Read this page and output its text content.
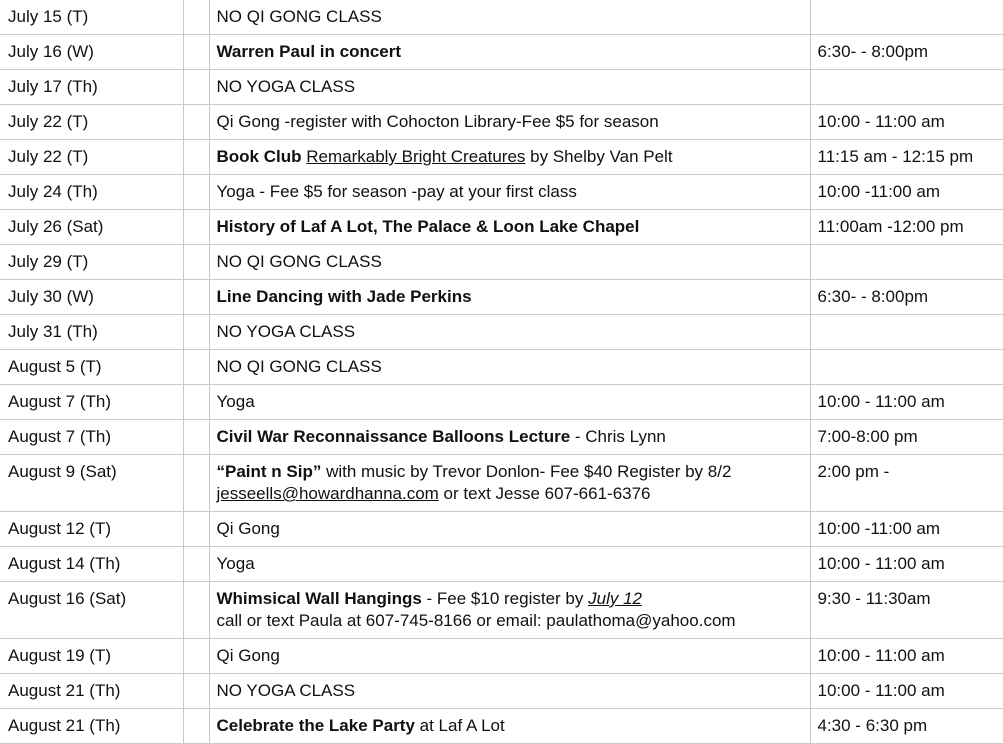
July 15 (T)		NO QI GONG CLASS	

July 16 (W)		Warren Paul in concert	6:30- - 8:00pm
July 17 (Th)		NO YOGA CLASS	

July 22 (T)		Qi Gong -register with Cohocton Library-Fee $5 for season	10:00 - 11:00 am
July 22 (T)		Book Club Remarkably Bright Creatures by Shelby Van Pelt	11:15 am - 12:15 pm
July 24 (Th)		Yoga - Fee $5 for season -pay at your first class	10:00 -11:00 am
July 26 (Sat)		History of Laf A Lot, The Palace & Loon Lake Chapel	11:00am -12:00 pm
July 29 (T)		NO QI GONG CLASS	

July 30 (W)		Line Dancing with Jade Perkins	6:30- - 8:00pm
July 31 (Th)		NO YOGA CLASS	

August 5 (T)		NO QI GONG CLASS	

August 7 (Th)		Yoga	10:00 - 11:00 am
August 7 (Th)		Civil War Reconnaissance Balloons Lecture - Chris Lynn	7:00-8:00 pm
August 9 (Sat)		“Paint n Sip” with music by Trevor Donlon- Fee $40 Register by 8/2
jesseells@howardhanna.com or text Jesse 607-661-6376	2:00 pm -
August 12 (T)		Qi Gong	10:00 -11:00 am
August 14 (Th)		Yoga	10:00 - 11:00 am
August 16 (Sat)		Whimsical Wall Hangings - Fee $10 register by July 12
call or text Paula at 607-745-8166 or email: paulathoma@yahoo.com	9:30 - 11:30am
August 19 (T)		Qi Gong	10:00 - 11:00 am
August 21 (Th)		NO YOGA CLASS	10:00 - 11:00 am
August 21 (Th)		Celebrate the Lake Party at Laf A Lot	4:30 - 6:30 pm
